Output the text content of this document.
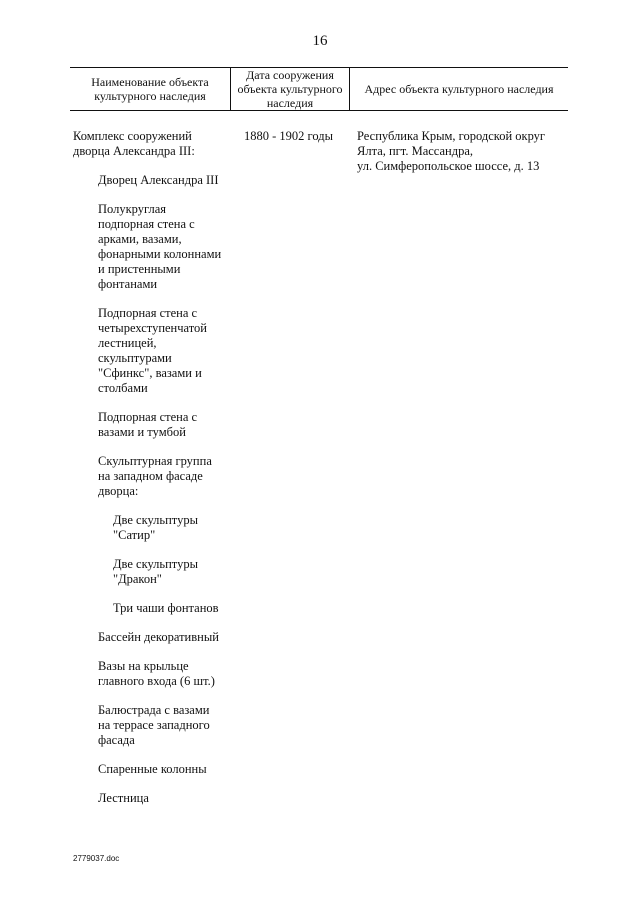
16
Наименование объекта
культурного наследия
Дата сооружения
объекта культурного
наследия
Адрес объекта культурного наследия

Комплекс сооружений
дворца Александра III:

Дворец Александра III

Полукруглая
подпорная стена с
арками, вазами,
фонарными колоннами
и пристенными
фонтанами

Подпорная стена с
четырехступенчатой
лестницей,
скульптурами
"Сфинкс", вазами и
столбами

Подпорная стена с
вазами и тумбой

Скульптурная группа
на западном фасаде
дворца:

Две скульптуры
"Сатир"

Две скульптуры
"Дракон"

Три чаши фонтанов

Бассейн декоративный

Вазы на крыльце
главного входа (6 шт.)

Балюстрада с вазами
на террасе западного
фасада

Спаренные колонны

Лестница

1880 - 1902 годы	Республика Крым, городской округ
Ялта, пгт. Массандра,
ул. Симферопольское шоссе, д. 13
2779037.doc
